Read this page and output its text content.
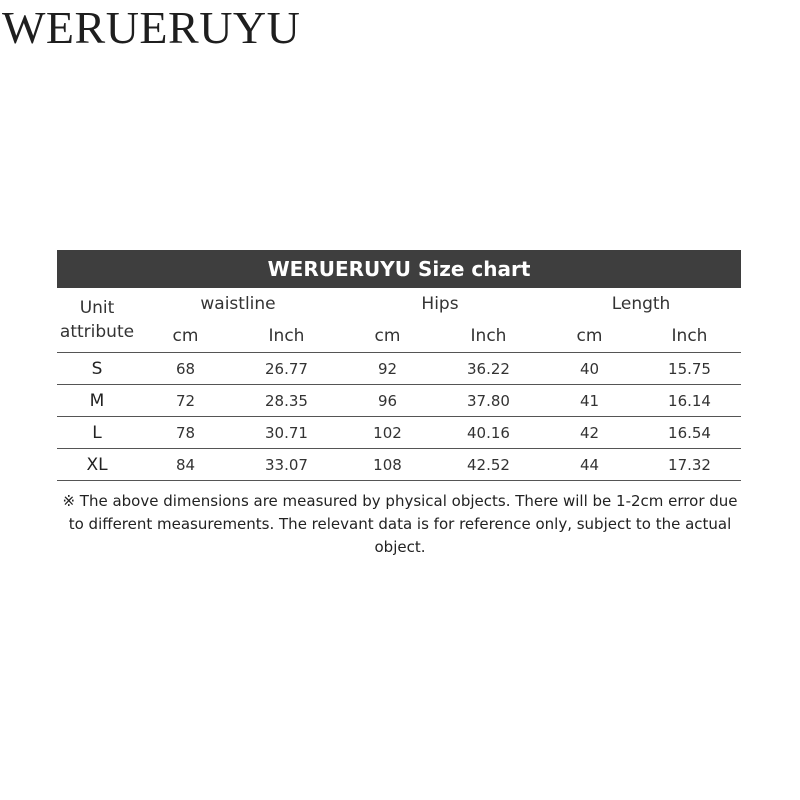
WERUERUYU
WERUERUYU Size chart
Unit
attribute	waistline		Hips		Length	
	cm	Inch	cm	Inch	cm	Inch
S	68	26.77	92	36.22	40	15.75
M	72	28.35	96	37.80	41	16.14
L	78	30.71	102	40.16	42	16.54
XL	84	33.07	108	42.52	44	17.32
※ The above dimensions are measured by physical objects. There will be 1-2cm error due to different measurements. The relevant data is for reference only, subject to the actual object.
